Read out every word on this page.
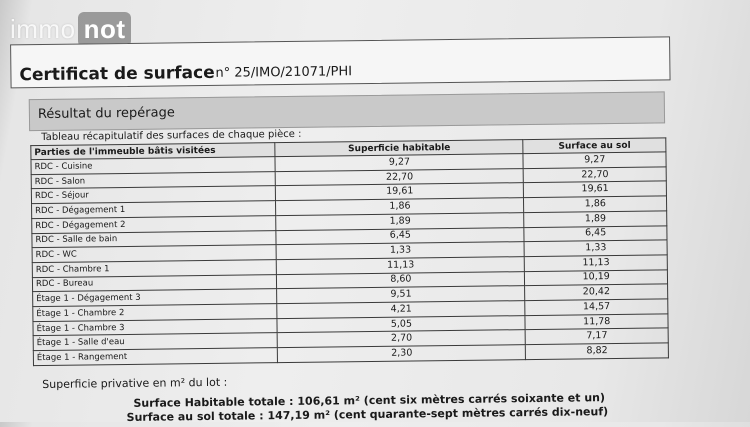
immo not
Certificat de surface n° 25/IMO/21071/PHI
Résultat du repérage
Tableau récapitulatif des surfaces de chaque pièce :
Parties de l'immeuble bâtis visitées	Superficie habitable	Surface au sol
RDC - Cuisine	9,27	9,27
RDC - Salon	22,70	22,70
RDC - Séjour	19,61	19,61
RDC - Dégagement 1	1,86	1,86
RDC - Dégagement 2	1,89	1,89
RDC - Salle de bain	6,45	6,45
RDC - WC	1,33	1,33
RDC - Chambre 1	11,13	11,13
RDC - Bureau	8,60	10,19
Étage 1 - Dégagement 3	9,51	20,42
Étage 1 - Chambre 2	4,21	14,57
Étage 1 - Chambre 3	5,05	11,78
Étage 1 - Salle d'eau	2,70	7,17
Étage 1 - Rangement	2,30	8,82
Superficie privative en m² du lot :
Surface Habitable totale : 106,61 m² (cent six mètres carrés soixante et un)
Surface au sol totale : 147,19 m² (cent quarante-sept mètres carrés dix-neuf)
